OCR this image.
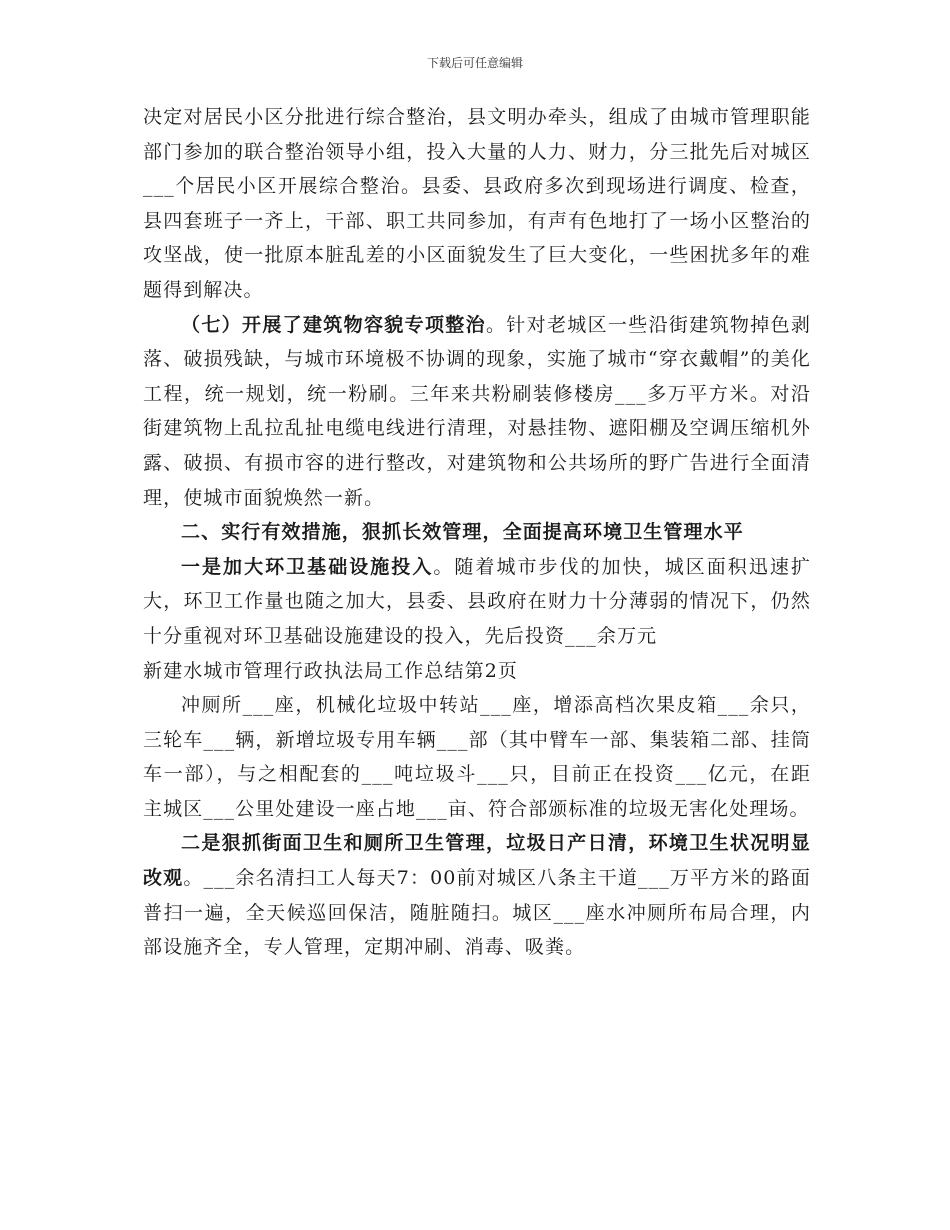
下载后可任意编辑

决定对居民小区分批进行综合整治，县文明办牵头，组成了由城市管理职能部门参加的联合整治领导小组，投入大量的人力、财力，分三批先后对城区___个居民小区开展综合整治。县委、县政府多次到现场进行调度、检查，县四套班子一齐上，干部、职工共同参加，有声有色地打了一场小区整治的攻坚战，使一批原本脏乱差的小区面貌发生了巨大变化，一些困扰多年的难题得到解决。

（七）开展了建筑物容貌专项整治。针对老城区一些沿街建筑物掉色剥落、破损残缺，与城市环境极不协调的现象，实施了城市“穿衣戴帽”的美化工程，统一规划，统一粉刷。三年来共粉刷装修楼房___多万平方米。对沿街建筑物上乱拉乱扯电缆电线进行清理，对悬挂物、遮阳棚及空调压缩机外露、破损、有损市容的进行整改，对建筑物和公共场所的野广告进行全面清理，使城市面貌焕然一新。

二、实行有效措施，狠抓长效管理，全面提高环境卫生管理水平

一是加大环卫基础设施投入。随着城市步伐的加快，城区面积迅速扩大，环卫工作量也随之加大，县委、县政府在财力十分薄弱的情况下，仍然十分重视对环卫基础设施建设的投入，先后投资___余万元

新建水城市管理行政执法局工作总结第2页

冲厕所___座，机械化垃圾中转站___座，增添高档次果皮箱___余只，三轮车___辆，新增垃圾专用车辆___部（其中臂车一部、集装箱二部、挂筒车一部），与之相配套的___吨垃圾斗___只，目前正在投资___亿元，在距主城区___公里处建设一座占地___亩、符合部颁标准的垃圾无害化处理场。

二是狠抓街面卫生和厕所卫生管理，垃圾日产日清，环境卫生状况明显改观。___余名清扫工人每天7：00前对城区八条主干道___万平方米的路面普扫一遍，全天候巡回保洁，随脏随扫。城区___座水冲厕所布局合理，内部设施齐全，专人管理，定期冲刷、消毒、吸粪。
